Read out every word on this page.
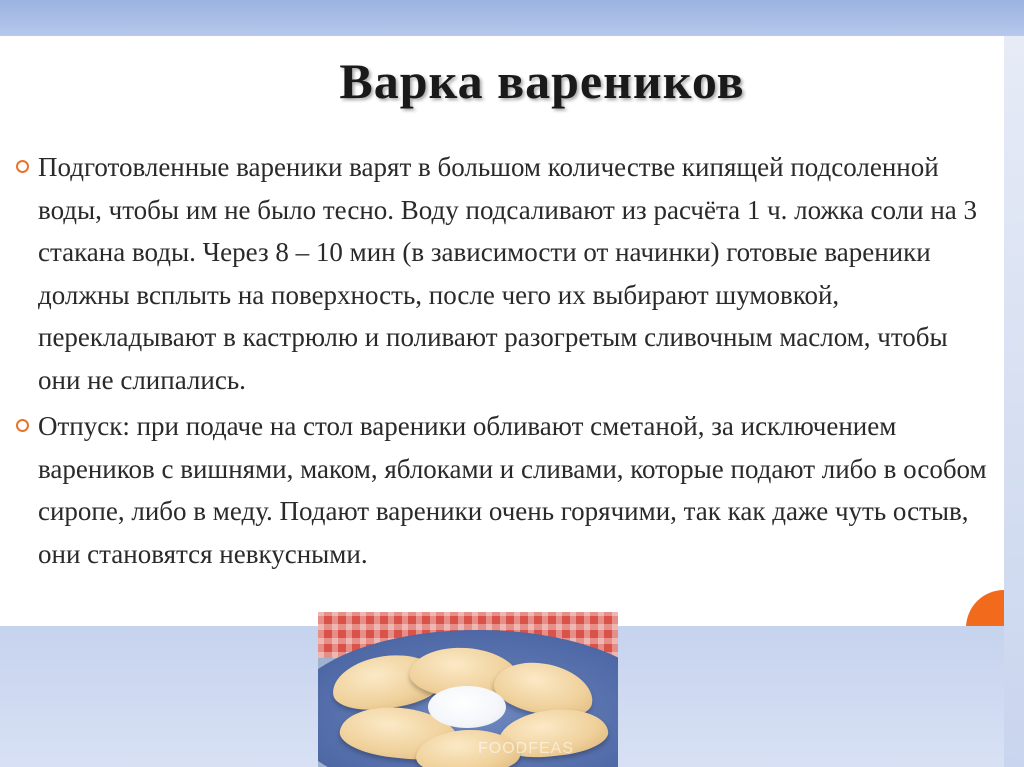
Варка вареников
Подготовленные вареники варят в большом количестве кипящей подсоленной воды, чтобы им не было тесно. Воду подсаливают из расчёта 1 ч. ложка соли на 3 стакана воды. Через 8 – 10 мин (в зависимости от начинки) готовые вареники должны всплыть на поверхность, после чего их выбирают шумовкой, перекладывают в кастрюлю и поливают разогретым сливочным маслом, чтобы они не слипались.
Отпуск: при подаче на стол вареники обливают сметаной, за исключением вареников с вишнями, маком, яблоками и сливами, которые подают либо в особом сиропе, либо в меду. Подают вареники очень горячими, так как даже чуть остыв, они становятся невкусными.
FOODFEAS
